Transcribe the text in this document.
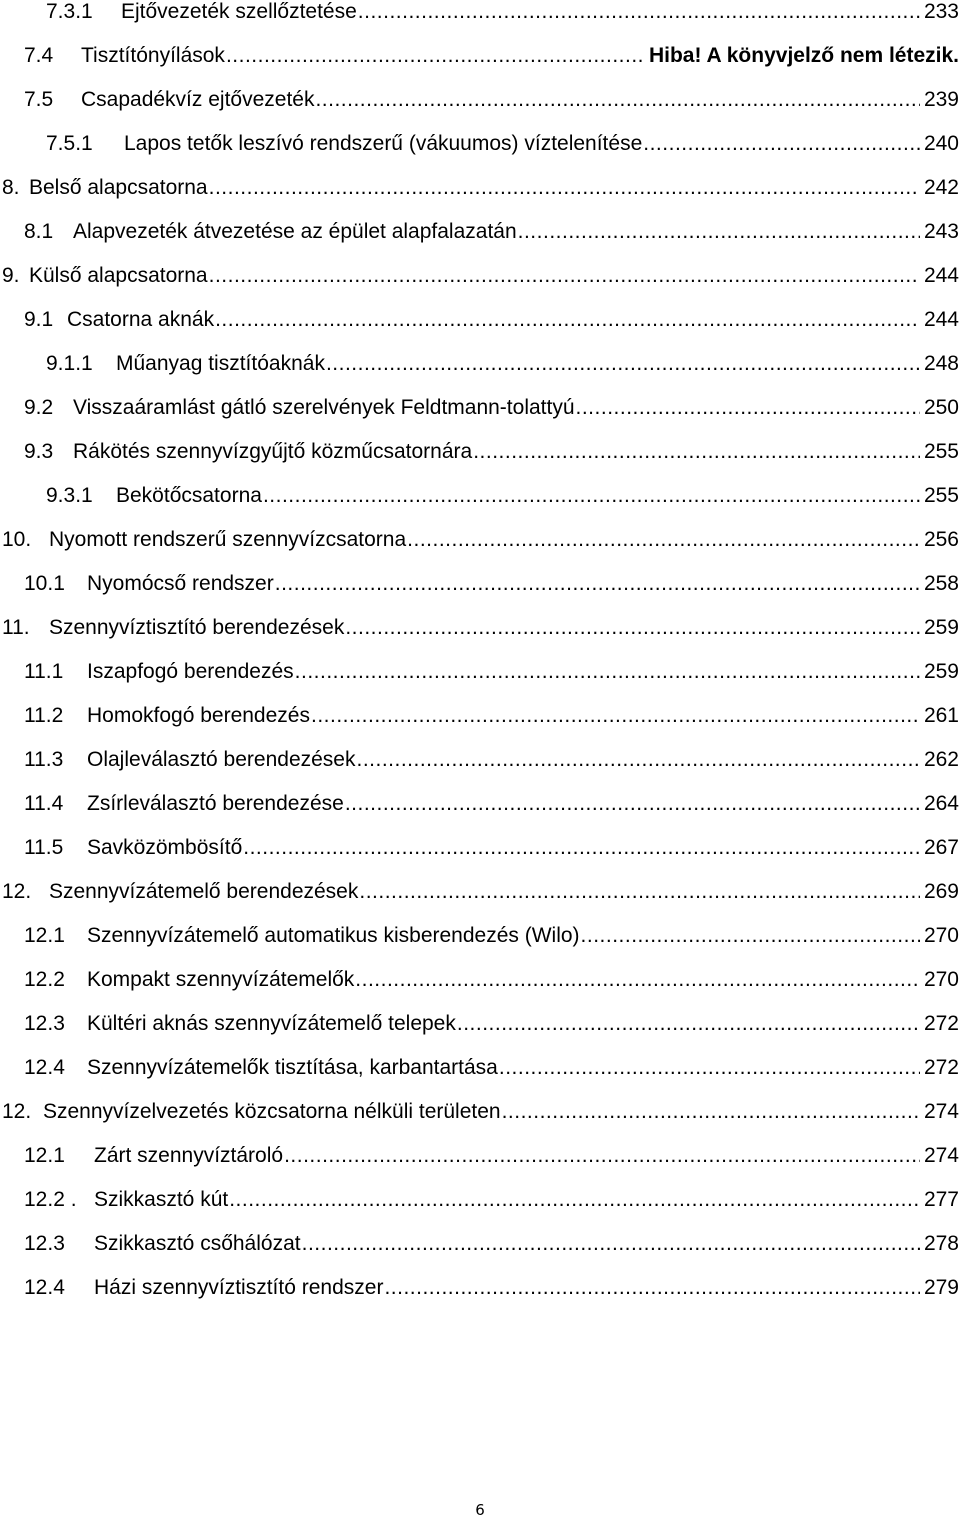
7.3.1	Ejtővezeték szellőztetése .....	233
7.4	Tisztítónyílások .....	Hiba! A könyvjelző nem létezik.
7.5	Csapadékvíz ejtővezeték .....	239
7.5.1	Lapos tetők leszívó rendszerű (vákuumos) víztelenítése .....	240
8. Belső alapcsatorna .....	242
8.1 Alapvezeték átvezetése az épület alapfalazatán .....	243
9. Külső alapcsatorna .....	244
9.1 Csatorna aknák .....	244
9.1.1	Műanyag tisztítóaknák .....	248
9.2 Visszaáramlást gátló szerelvények Feldtmann-tolattyú .....	250
9.3 Rákötés szennyvízgyűjtő közműcsatornára .....	255
9.3.1	Bekötőcsatorna .....	255
10. Nyomott rendszerű szennyvízcsatorna .....	256
10.1	Nyomócső rendszer .....	258
11. Szennyvíztisztító berendezések .....	259
11.1	Iszapfogó berendezés .....	259
11.2	Homokfogó berendezés .....	261
11.3	Olajleválasztó berendezések .....	262
11.4	Zsírleválasztó berendezése .....	264
11.5	Savközömbösítő .....	267
12. Szennyvízátemelő berendezések .....	269
12.1	Szennyvízátemelő automatikus kisberendezés (Wilo) .....	270
12.2	Kompakt szennyvízátemelők .....	270
12.3	Kültéri aknás szennyvízátemelő telepek .....	272
12.4	Szennyvízátemelők tisztítása, karbantartása .....	272
12. Szennyvízelvezetés közcsatorna nélküli területen .....	274
12.1	Zárt szennyvíztároló .....	274
12.2 . Szikkasztó kút .....	277
12.3	Szikkasztó csőhálózat .....	278
12.4	Házi szennyvíztisztító rendszer .....	279
6
